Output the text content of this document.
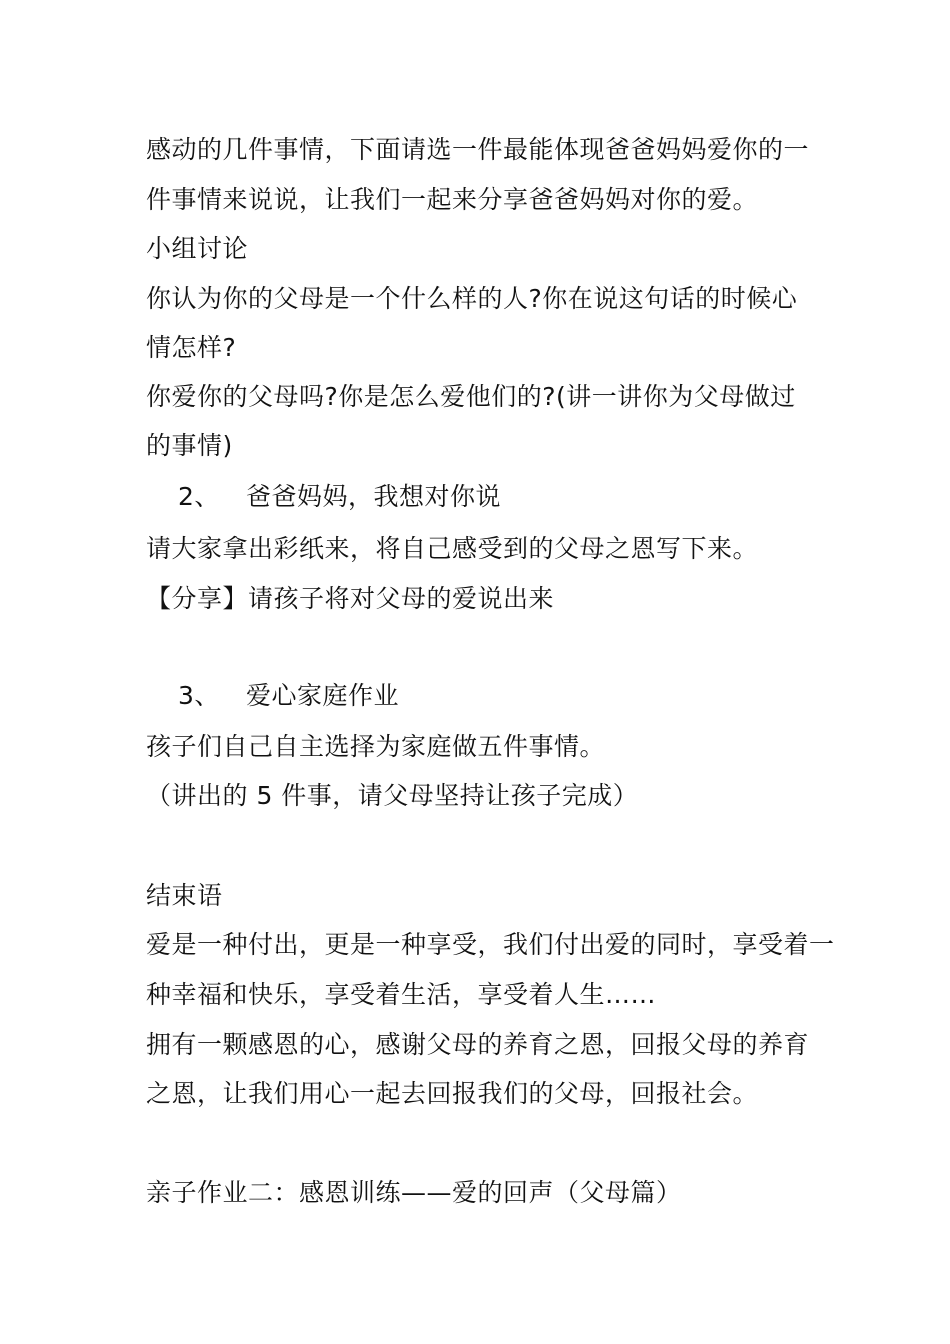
感动的几件事情，下面请选一件最能体现爸爸妈妈爱你的一
件事情来说说，让我们一起来分享爸爸妈妈对你的爱。
小组讨论
你认为你的父母是一个什么样的人?你在说这句话的时候心
情怎样?
你爱你的父母吗?你是怎么爱他们的?(讲一讲你为父母做过
的事情)
2、 爸爸妈妈，我想对你说
请大家拿出彩纸来，将自己感受到的父母之恩写下来。
【分享】请孩子将对父母的爱说出来
3、 爱心家庭作业
孩子们自己自主选择为家庭做五件事情。
（讲出的 5 件事，请父母坚持让孩子完成）
结束语
爱是一种付出，更是一种享受，我们付出爱的同时，享受着一
种幸福和快乐，享受着生活，享受着人生……
拥有一颗感恩的心，感谢父母的养育之恩，回报父母的养育
之恩，让我们用心一起去回报我们的父母，回报社会。
亲子作业二：感恩训练——爱的回声（父母篇）
